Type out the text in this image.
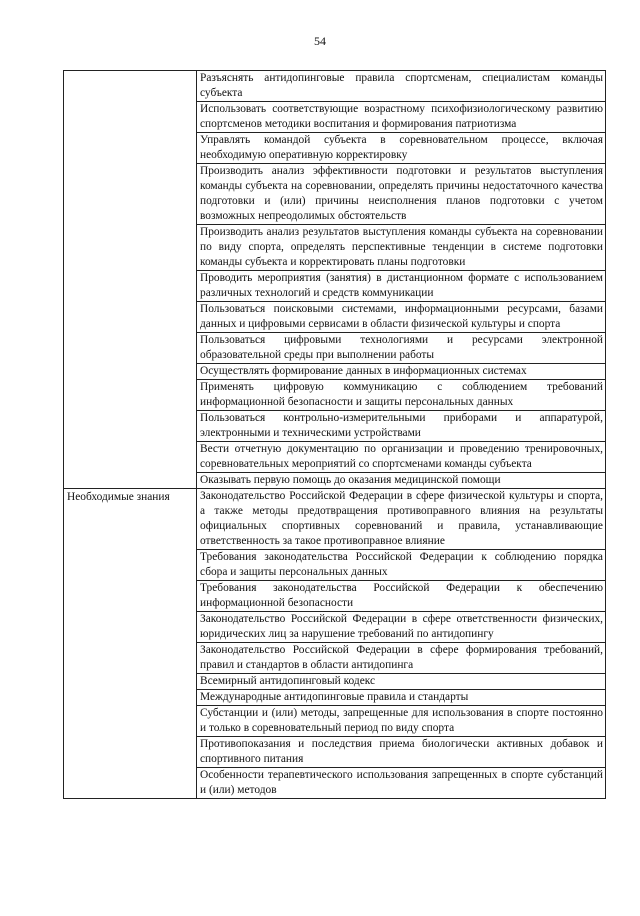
54
	Разъяснять антидопинговые правила спортсменам, специалистам команды субъекта
	Использовать соответствующие возрастному психофизиологическому развитию спортсменов методики воспитания и формирования патриотизма
	Управлять командой субъекта в соревновательном процессе, включая необходимую оперативную корректировку
	Производить анализ эффективности подготовки и результатов выступления команды субъекта на соревновании, определять причины недостаточного качества подготовки и (или) причины неисполнения планов подготовки с учетом возможных непреодолимых обстоятельств
	Производить анализ результатов выступления команды субъекта на соревновании по виду спорта, определять перспективные тенденции в системе подготовки команды субъекта и корректировать планы подготовки
	Проводить мероприятия (занятия) в дистанционном формате с использованием различных технологий и средств коммуникации
	Пользоваться поисковыми системами, информационными ресурсами, базами данных и цифровыми сервисами в области физической культуры и спорта
	Пользоваться цифровыми технологиями и ресурсами электронной образовательной среды при выполнении работы
	Осуществлять формирование данных в информационных системах
	Применять цифровую коммуникацию с соблюдением требований информационной безопасности и защиты персональных данных
	Пользоваться контрольно-измерительными приборами и аппаратурой, электронными и техническими устройствами
	Вести отчетную документацию по организации и проведению тренировочных, соревновательных мероприятий со спортсменами команды субъекта
	Оказывать первую помощь до оказания медицинской помощи
Необходимые знания	Законодательство Российской Федерации в сфере физической культуры и спорта, а также методы предотвращения противоправного влияния на результаты официальных спортивных соревнований и правила, устанавливающие ответственность за такое противоправное влияние
	Требования законодательства Российской Федерации к соблюдению порядка сбора и защиты персональных данных
	Требования законодательства Российской Федерации к обеспечению информационной безопасности
	Законодательство Российской Федерации в сфере ответственности физических, юридических лиц за нарушение требований по антидопингу
	Законодательство Российской Федерации в сфере формирования требований, правил и стандартов в области антидопинга
	Всемирный антидопинговый кодекс
	Международные антидопинговые правила и стандарты
	Субстанции и (или) методы, запрещенные для использования в спорте постоянно и только в соревновательный период по виду спорта
	Противопоказания и последствия приема биологически активных добавок и спортивного питания
	Особенности терапевтического использования запрещенных в спорте субстанций и (или) методов
